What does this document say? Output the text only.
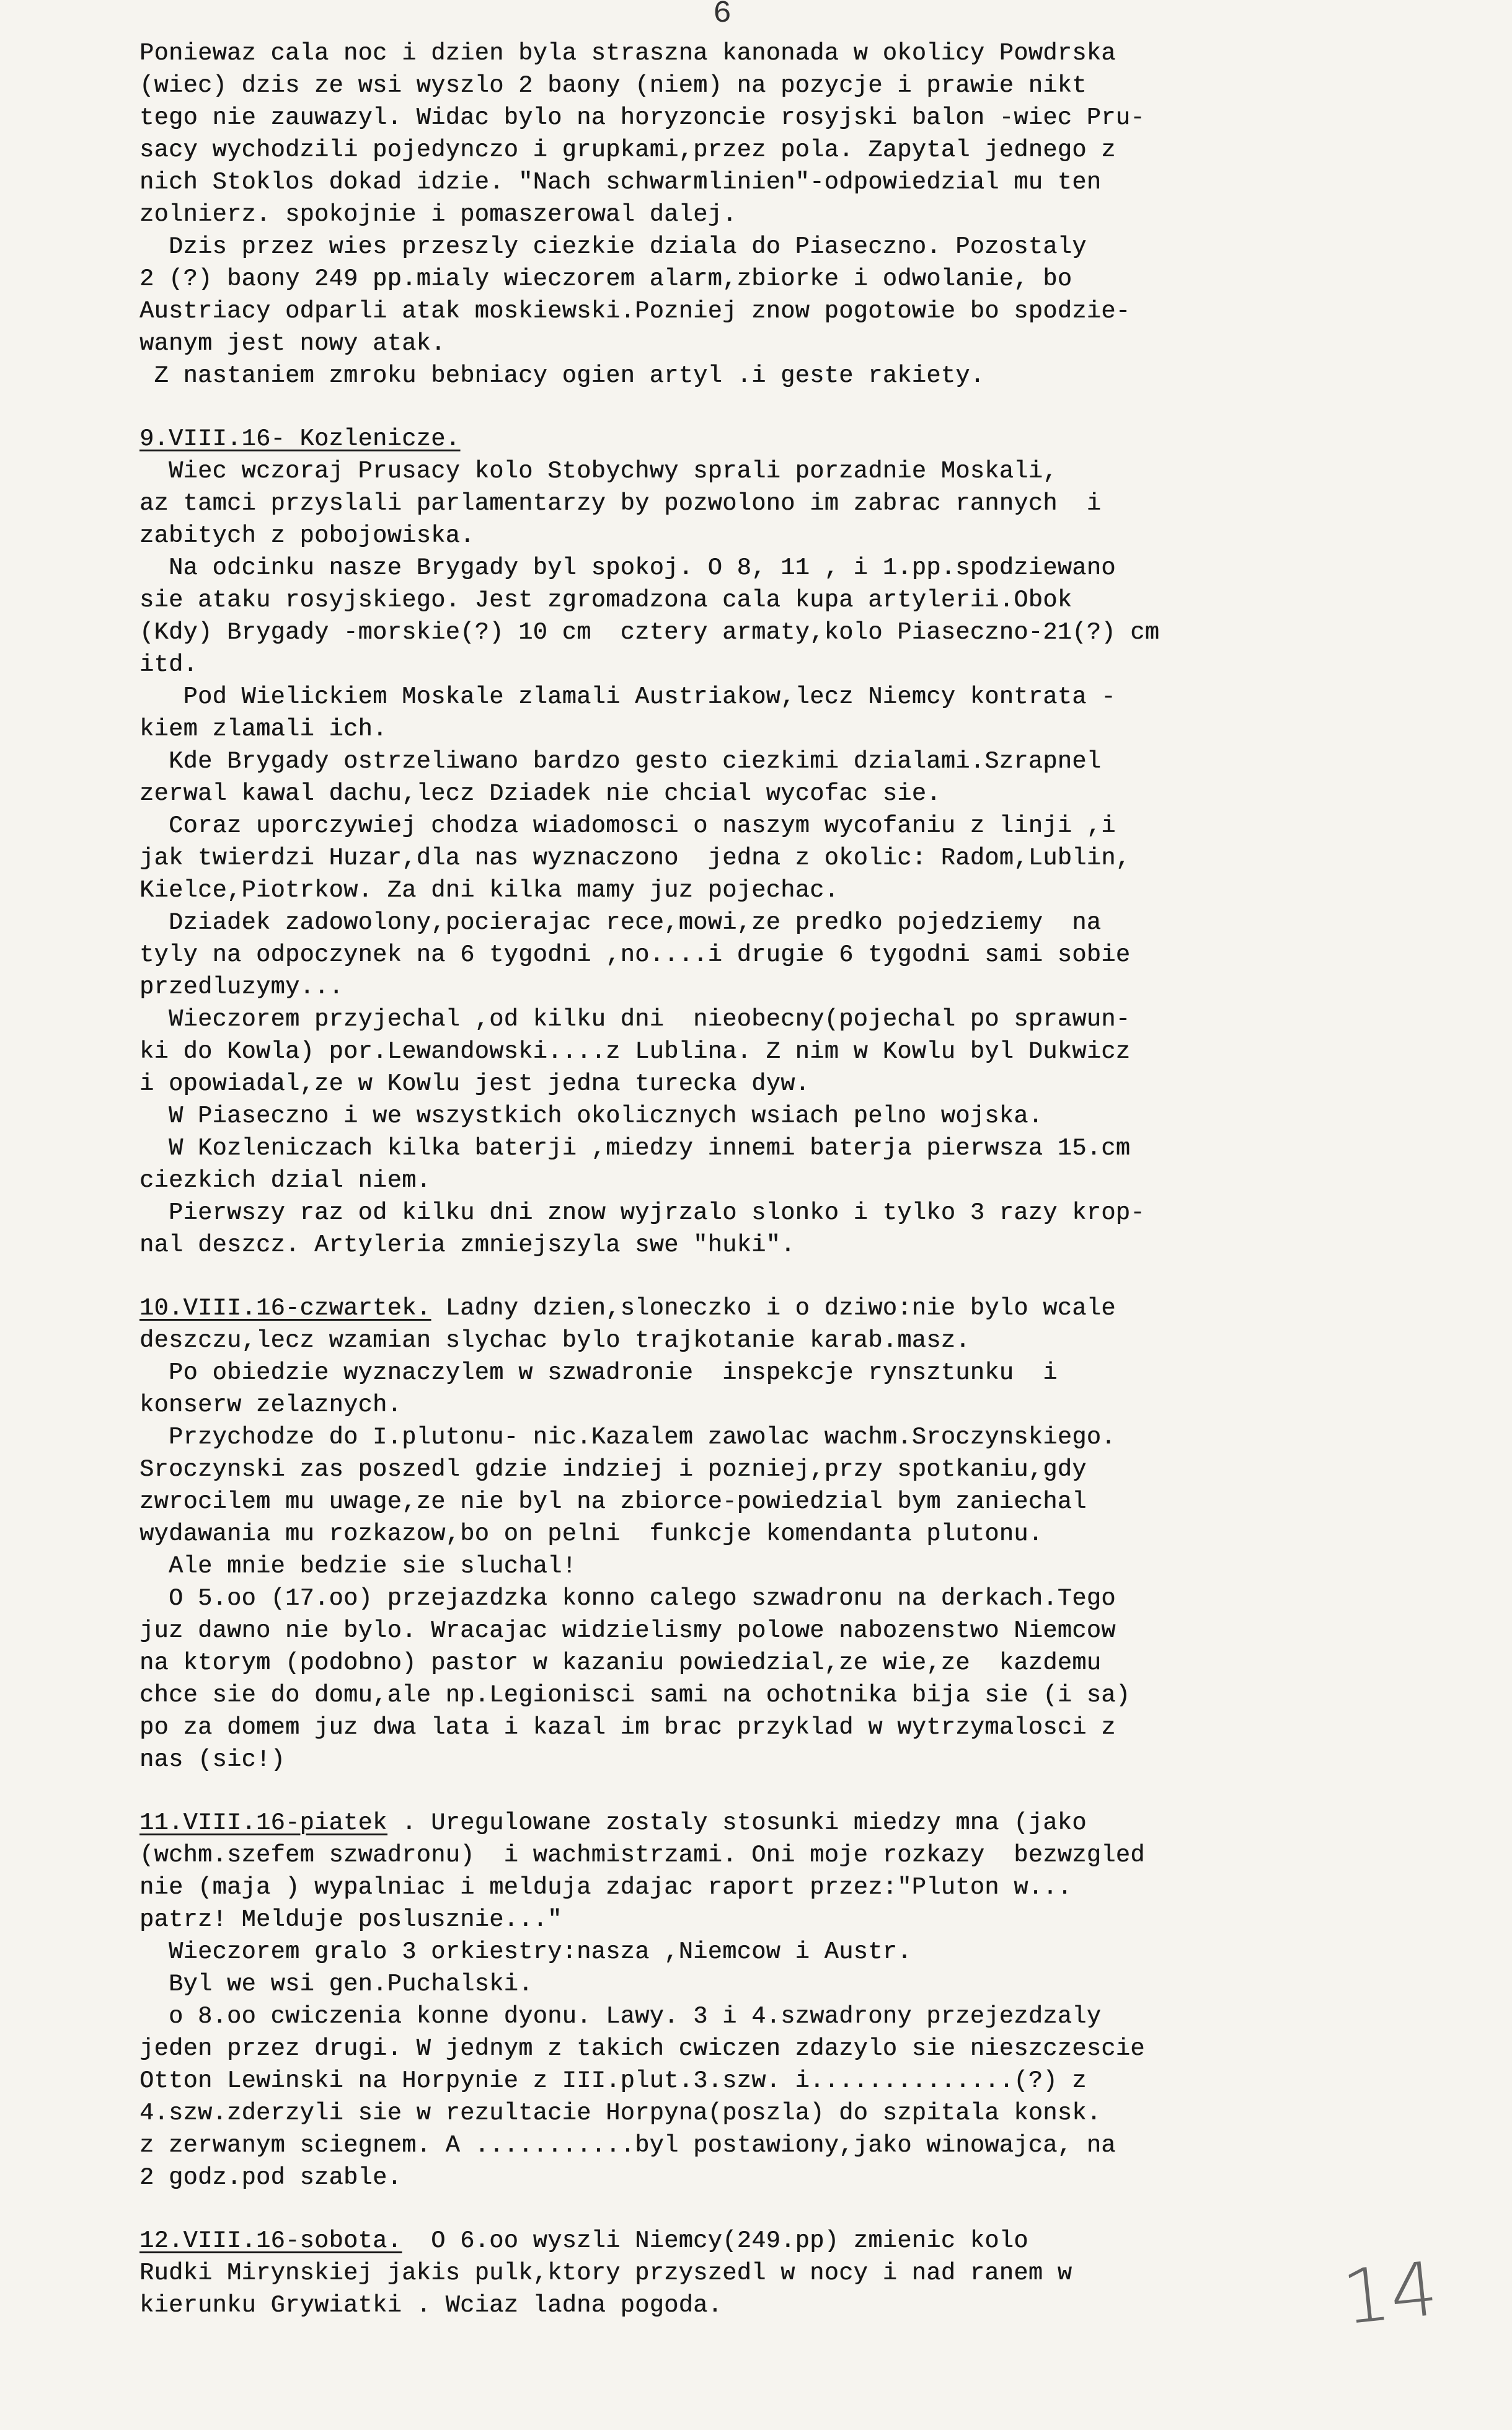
6
Poniewaz cala noc i dzien byla straszna kanonada w okolicy Powdrska
(wiec) dzis ze wsi wyszlo 2 baony (niem) na pozycje i prawie nikt
tego nie zauwazyl. Widac bylo na horyzoncie rosyjski balon -wiec Pru-
sacy wychodzili pojedynczo i grupkami,przez pola. Zapytal jednego z
nich Stoklos dokad idzie. "Nach schwarmlinien"-odpowiedzial mu ten
zolnierz. spokojnie i pomaszerowal dalej.
Dzis przez wies przeszly ciezkie dziala do Piaseczno. Pozostaly
2 (?) baony 249 pp.mialy wieczorem alarm,zbiorke i odwolanie, bo
Austriacy odparli atak moskiewski.Pozniej znow pogotowie bo spodzie-
wanym jest nowy atak.
Z nastaniem zmroku bebniacy ogien artyl .i geste rakiety.
9.VIII.16- Kozlenicze.
Wiec wczoraj Prusacy kolo Stobychwy sprali porzadnie Moskali,
az tamci przyslali parlamentarzy by pozwolono im zabrac rannych  i
zabitych z pobojowiska.
Na odcinku nasze Brygady byl spokoj. O 8, 11 , i 1.pp.spodziewano
sie ataku rosyjskiego. Jest zgromadzona cala kupa artylerii.Obok
(Kdy) Brygady -morskie(?) 10 cm  cztery armaty,kolo Piaseczno-21(?) cm
itd.
Pod Wielickiem Moskale zlamali Austriakow,lecz Niemcy kontrata -
kiem zlamali ich.
Kde Brygady ostrzeliwano bardzo gesto ciezkimi dzialami.Szrapnel
zerwal kawal dachu,lecz Dziadek nie chcial wycofac sie.
Coraz uporczywiej chodza wiadomosci o naszym wycofaniu z linji ,i
jak twierdzi Huzar,dla nas wyznaczono  jedna z okolic: Radom,Lublin,
Kielce,Piotrkow. Za dni kilka mamy juz pojechac.
Dziadek zadowolony,pocierajac rece,mowi,ze predko pojedziemy  na
tyly na odpoczynek na 6 tygodni ,no....i drugie 6 tygodni sami sobie
przedluzymy...
Wieczorem przyjechal ,od kilku dni  nieobecny(pojechal po sprawun-
ki do Kowla) por.Lewandowski....z Lublina. Z nim w Kowlu byl Dukwicz
i opowiadal,ze w Kowlu jest jedna turecka dyw.
W Piaseczno i we wszystkich okolicznych wsiach pelno wojska.
W Kozleniczach kilka baterji ,miedzy innemi baterja pierwsza 15.cm
ciezkich dzial niem.
Pierwszy raz od kilku dni znow wyjrzalo slonko i tylko 3 razy krop-
nal deszcz. Artyleria zmniejszyla swe "huki".
10.VIII.16-czwartek. Ladny dzien,sloneczko i o dziwo:nie bylo wcale
deszczu,lecz wzamian slychac bylo trajkotanie karab.masz.
Po obiedzie wyznaczylem w szwadronie  inspekcje rynsztunku  i
konserw zelaznych.
Przychodze do I.plutonu- nic.Kazalem zawolac wachm.Sroczynskiego.
Sroczynski zas poszedl gdzie indziej i pozniej,przy spotkaniu,gdy
zwrocilem mu uwage,ze nie byl na zbiorce-powiedzial bym zaniechal
wydawania mu rozkazow,bo on pelni  funkcje komendanta plutonu.
Ale mnie bedzie sie sluchal!
O 5.oo (17.oo) przejazdzka konno calego szwadronu na derkach.Tego
juz dawno nie bylo. Wracajac widzielismy polowe nabozenstwo Niemcow
na ktorym (podobno) pastor w kazaniu powiedzial,ze wie,ze  kazdemu
chce sie do domu,ale np.Legionisci sami na ochotnika bija sie (i sa)
po za domem juz dwa lata i kazal im brac przyklad w wytrzymalosci z
nas (sic!)
11.VIII.16-piatek . Uregulowane zostaly stosunki miedzy mna (jako
(wchm.szefem szwadronu)  i wachmistrzami. Oni moje rozkazy  bezwzgled
nie (maja ) wypalniac i melduja zdajac raport przez:"Pluton w...
patrz! Melduje poslusznie..."
Wieczorem gralo 3 orkiestry:nasza ,Niemcow i Austr.
Byl we wsi gen.Puchalski.
o 8.oo cwiczenia konne dyonu. Lawy. 3 i 4.szwadrony przejezdzaly
jeden przez drugi. W jednym z takich cwiczen zdazylo sie nieszczescie
Otton Lewinski na Horpynie z III.plut.3.szw. i..............(?) z
4.szw.zderzyli sie w rezultacie Horpyna(poszla) do szpitala konsk.
z zerwanym sciegnem. A ...........byl postawiony,jako winowajca, na
2 godz.pod szable.
12.VIII.16-sobota.  O 6.oo wyszli Niemcy(249.pp) zmienic kolo
Rudki Mirynskiej jakis pulk,ktory przyszedl w nocy i nad ranem w
kierunku Grywiatki . Wciaz ladna pogoda.	14
